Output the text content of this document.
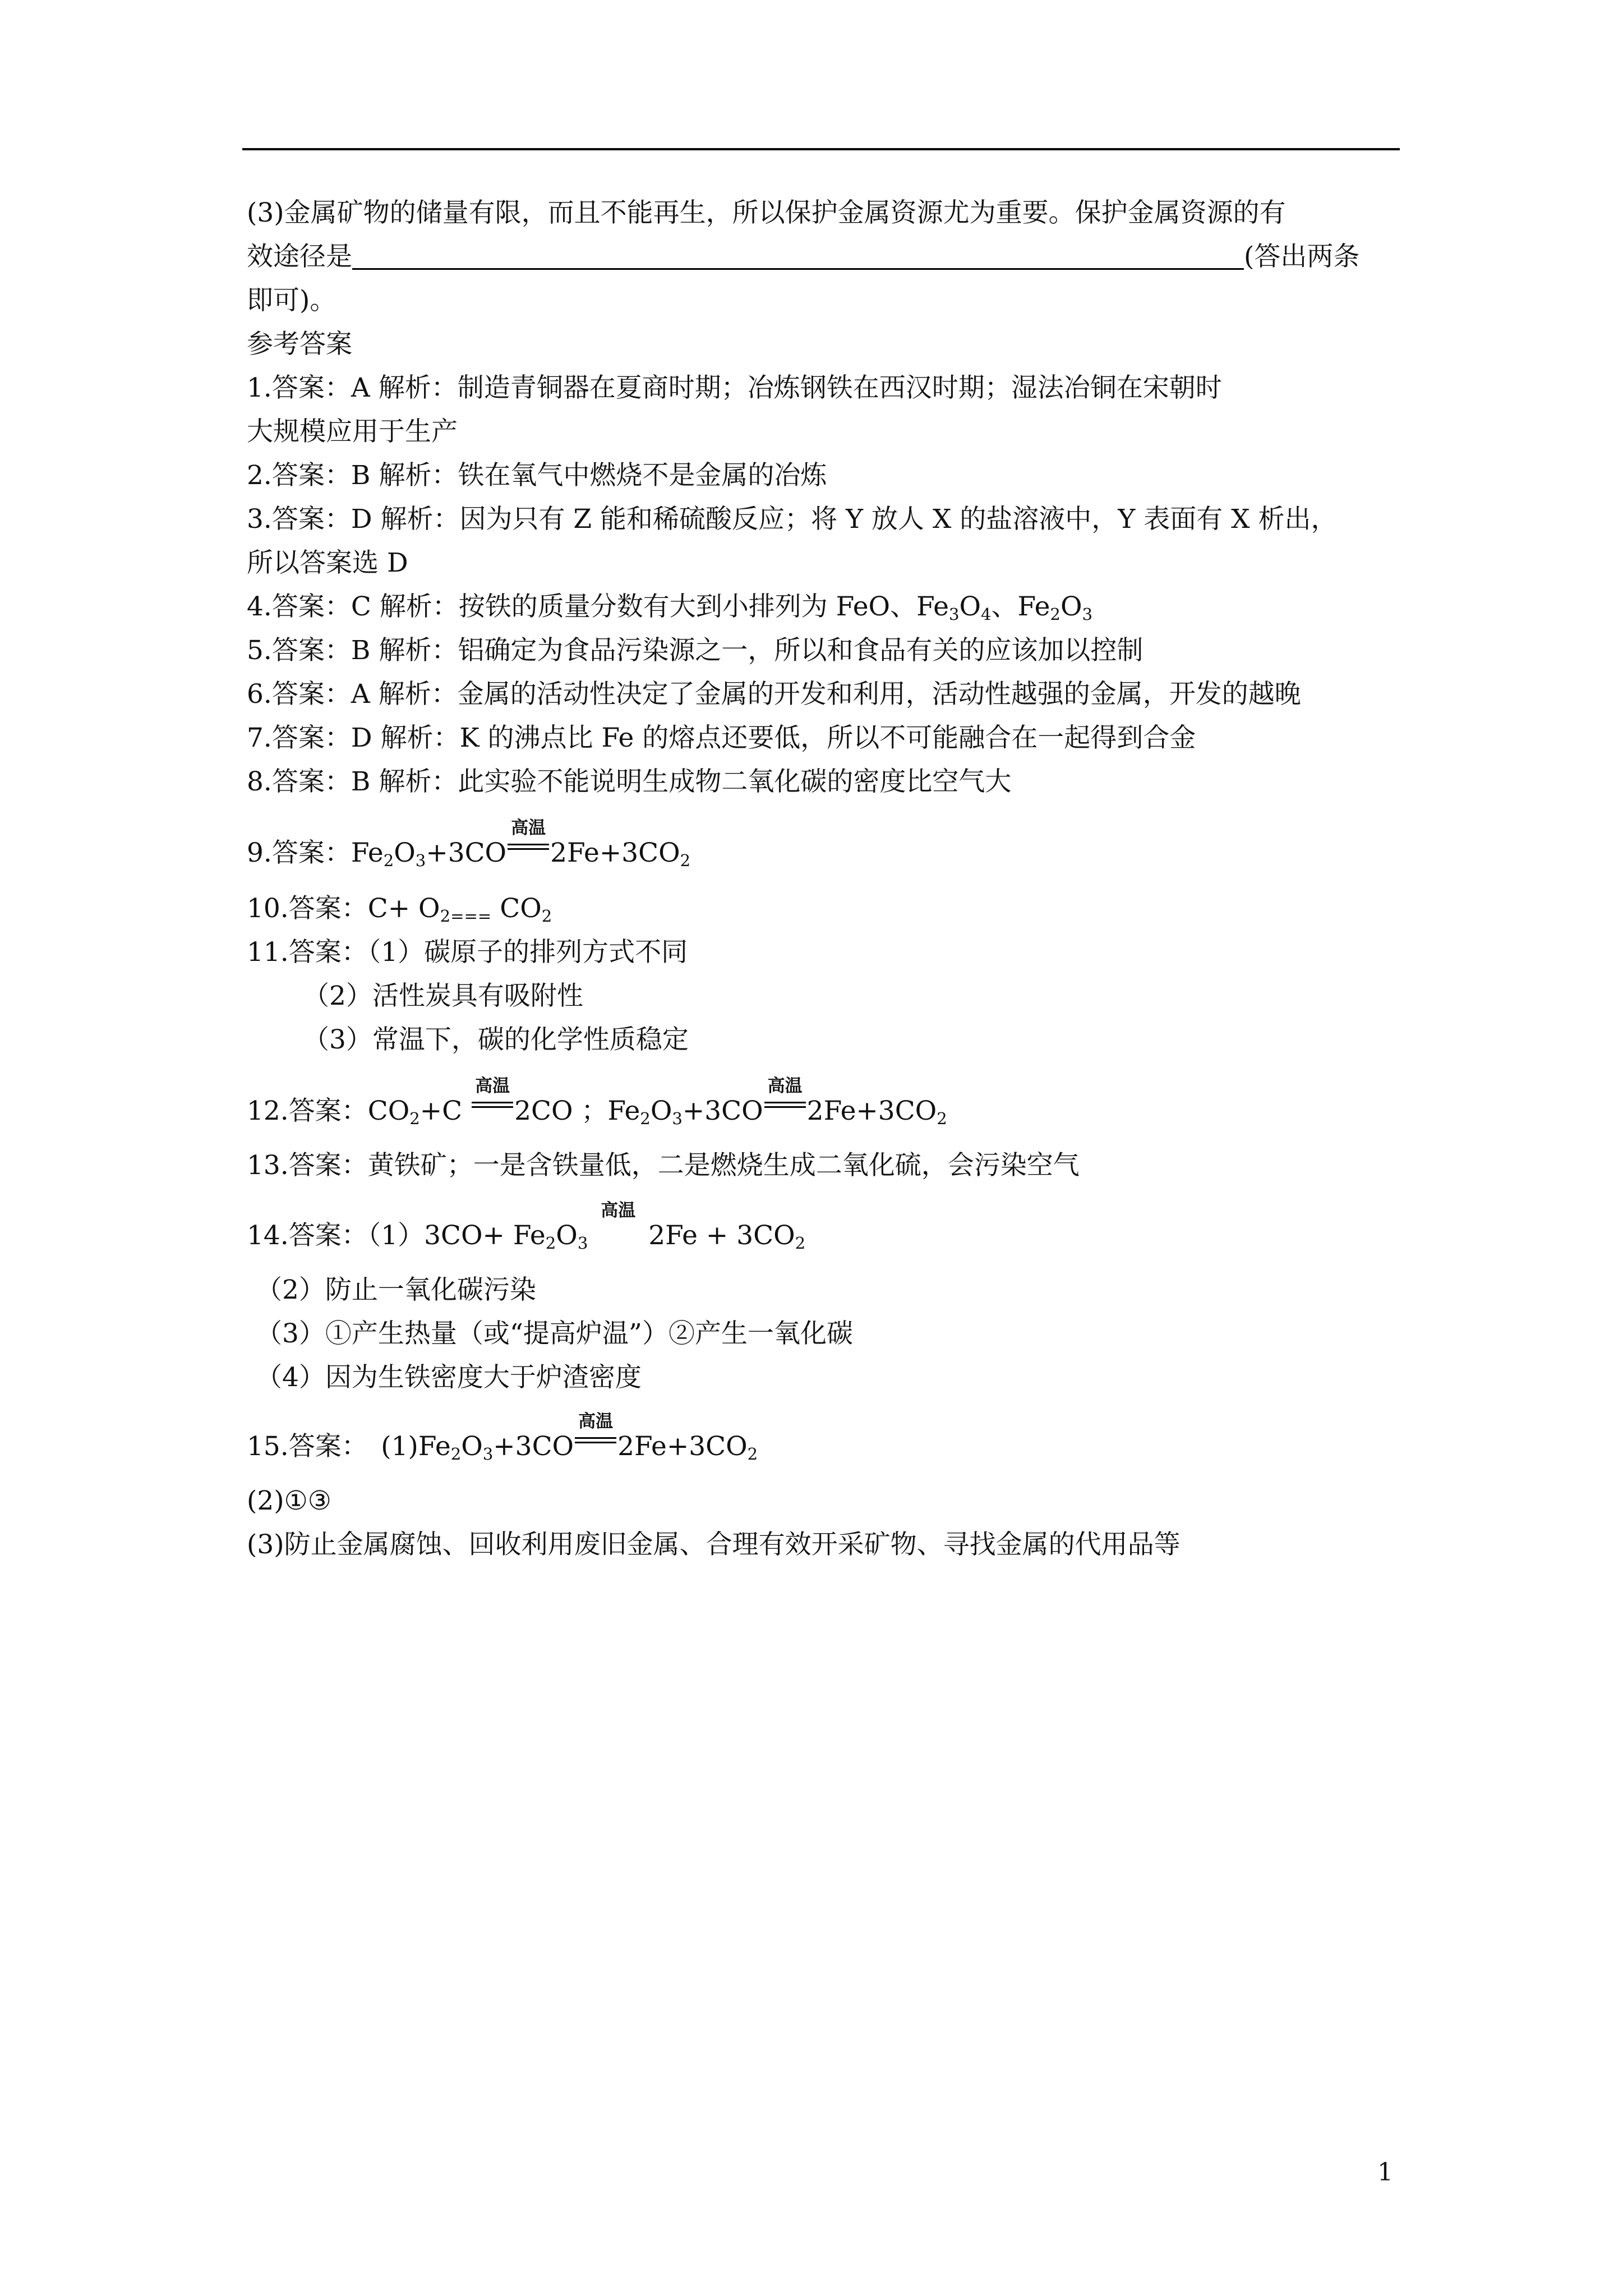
(3)金属矿物的储量有限，而且不能再生，所以保护金属资源尤为重要。保护金属资源的有
效途径是	(答出两条
即可)。
参考答案
1.答案：A 解析：制造青铜器在夏商时期；冶炼钢铁在西汉时期；湿法冶铜在宋朝时
大规模应用于生产
2.答案：B 解析：铁在氧气中燃烧不是金属的冶炼
3.答案：D 解析：因为只有 Z 能和稀硫酸反应；将 Y 放人 X 的盐溶液中，Y 表面有 X 析出，
所以答案选 D
4.答案：C 解析：按铁的质量分数有大到小排列为 FeO、$Fe_3O_4$、$Fe_2O_3$
5.答案：B 解析：铝确定为食品污染源之一，所以和食品有关的应该加以控制
6.答案：A 解析：金属的活动性决定了金属的开发和利用，活动性越强的金属，开发的越晚
7.答案：D 解析：K 的沸点比 Fe 的熔点还要低，所以不可能融合在一起得到合金
8.答案：B 解析：此实验不能说明生成物二氧化碳的密度比空气大
9.答案：$Fe_2O_3+3CO$
高温
$2Fe+3CO_2$
10.答案：$C+ O_{2===}$ $CO_2$
11.答案：（1）碳原子的排列方式不同
（2）活性炭具有吸附性
（3）常温下，碳的化学性质稳定
12.答案：$CO_2+C$
高温
2CO ；$Fe_2O_3+3CO$
高温
$2Fe+3CO_2$
13.答案：黄铁矿；一是含铁量低，二是燃烧生成二氧化硫，会污染空气
14.答案：$(1)3CO+ Fe_2O_3$
高温
$2Fe + 3CO_2$
（2）防止一氧化碳污染
（3）①产生热量（或“提高炉温”）②产生一氧化碳
（4）因为生铁密度大于炉渣密度
15.答案：　$(1)Fe_2O_3+3CO$
高温
$2Fe+3CO_2$
(2)①③
(3)防止金属腐蚀、回收利用废旧金属、合理有效开采矿物、寻找金属的代用品等
1
